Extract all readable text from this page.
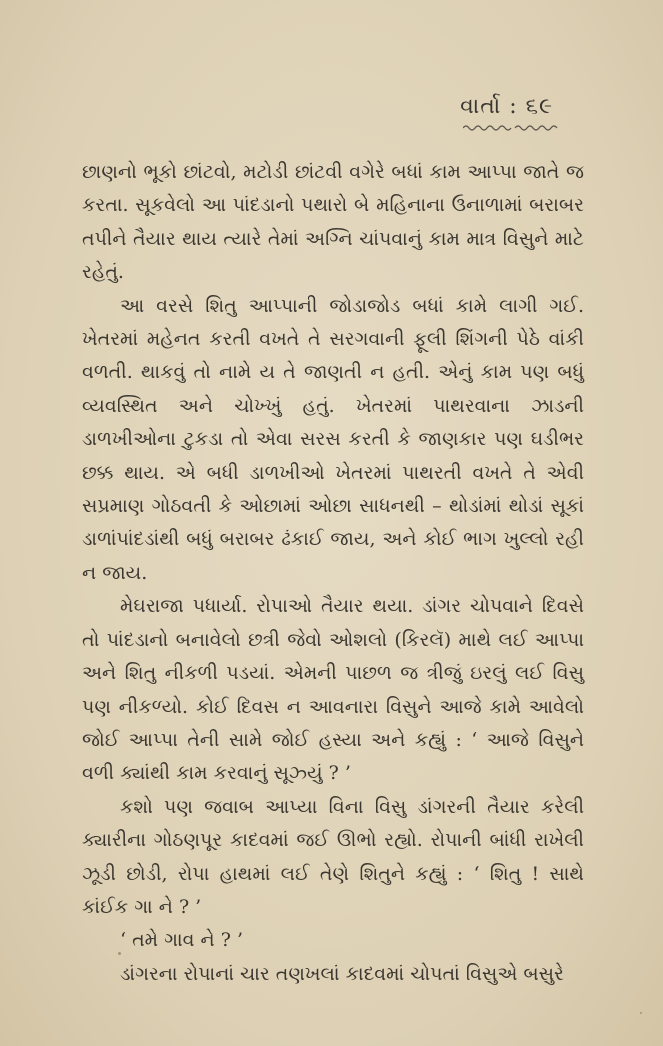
વાર્તા : ૬૯

છાણનો ભૂકો છાંટવો, મટોડી છાંટવી વગેરે બધાં કામ આપ્પા જાતે જ કરતા. સૂકવેલો આ પાંદડાનો પથારો બે મહિનાના ઉનાળામાં બરાબર તપીને તૈયાર થાય ત્યારે તેમાં અગ્નિ ચાંપવાનું કામ માત્ર વિસુને માટે રહેતું.

આ વરસે શિતુ આપ્પાની જોડાજોડ બધાં કામે લાગી ગઈ. ખેતરમાં મહેનત કરતી વખતે તે સરગવાની ફૂલી શિંગની પેઠે વાંકી વળતી. થાકવું તો નામે ય તે જાણતી ન હતી. એનું કામ પણ બધું વ્યવસ્થિત અને ચોખ્ખું હતું. ખેતરમાં પાથરવાના ઝાડની ડાળખીઓના ટુકડા તો એવા સરસ કરતી કે જાણકાર પણ ઘડીભર છક્ક થાય. એ બધી ડાળખીઓ ખેતરમાં પાથરતી વખતે તે એવી સપ્રમાણ ગોઠવતી કે ઓછામાં ઓછા સાધનથી – થોડાંમાં થોડાં સૂકાં ડાળાંપાંદડાંથી બધું બરાબર ઢંકાઈ જાય, અને કોઈ ભાગ ખુલ્લો રહી ન જાય.

મેઘરાજા પધાર્યા. રોપાઓ તૈયાર થયા. ડાંગર ચોપવાને દિવસે તો પાંદડાનો બનાવેલો છત્રી જેવો ઓશલો (કિરલૅ) માથે લઈ આપ્પા અને શિતુ નીકળી પડયાં. એમની પાછળ જ ત્રીજું ઇરલું લઈ વિસુ પણ નીકળ્યો. કોઈ દિવસ ન આવનારા વિસુને આજે કામે આવેલો જોઈ આપ્પા તેની સામે જોઈ હસ્યા અને કહ્યું : ‘ આજે વિસુને વળી ક્યાંથી કામ કરવાનું સૂઝ્યું ? ’

કશો પણ જવાબ આપ્યા વિના વિસુ ડાંગરની તૈયાર કરેલી ક્યારીના ગોઠણપૂર કાદવમાં જઈ ઊભો રહ્યો. રોપાની બાંધી રાખેલી ઝૂડી છોડી, રોપા હાથમાં લઈ તેણે શિતુને કહ્યું : ‘ શિતુ ! સાથે કાંઈક ગા ને ? ’

‘ તમે ગાવ ને ? ’

ડાંગરના રોપાનાં ચાર તણખલાં કાદવમાં ચોપતાં વિસુએ બસુરે
